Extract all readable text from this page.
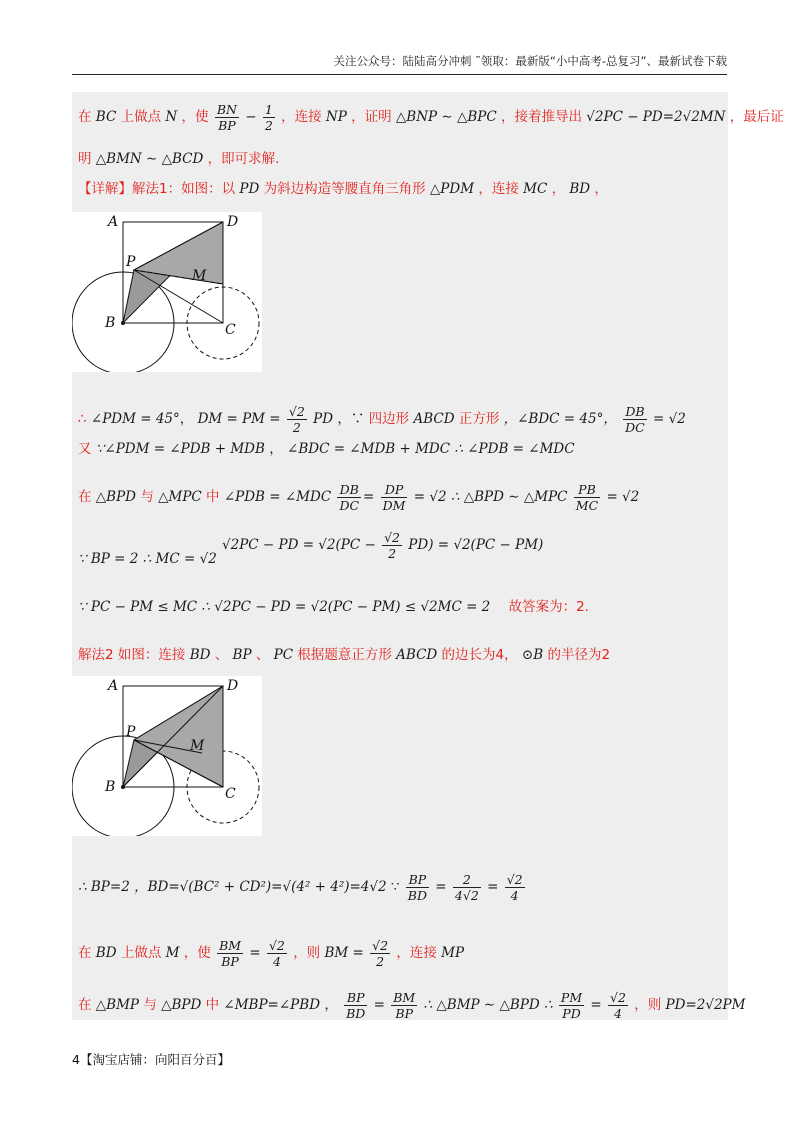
关注公众号：陆陆高分冲刺 ˜领取：最新版“小中高考-总复习”、最新试卷下载
在 BC 上做点 N ，使 $\frac{BN}{BP} - \frac{1}{2}$ ，连接 NP ，证明 △BNP ∼ △BPC ，接着推导出 √2PC − PD=2√2MN ，最后证
明 △BMN ∼ △BCD ，即可求解.
【详解】解法1：如图：以 PD 为斜边构造等腰直角三角形 △PDM ，连接 MC ， BD ，
A	D
P
M
B	C
∴ ∠PDM = 45°， DM = PM = $\frac{√2}{2}$ PD ，∵ 四边形 ABCD 正方形 ，∠BDC = 45°， $\frac{DB}{DC} = √2$
又 ∵∠PDM = ∠PDB + MDB ， ∠BDC = ∠MDB + MDC ∴ ∠PDB = ∠MDC
在 △BPD 与 △MPC 中 ∠PDB = ∠MDC $\frac{DB}{DC} = \frac{DP}{DM} = √2$ ∴ △BPD ∼ △MPC $\frac{PB}{MC} = √2$
√2PC − PD = $√2(PC - \frac{√2}{2} PD) = √2(PC - PM)$
∵ BP = 2 ∴ MC = √2
∵ PC − PM ≤ MC ∴ √2PC − PD = √2(PC − PM) ≤ √2MC = 2 故答案为：2.
解法2 如图：连接 BD 、 BP 、 PC 根据题意正方形 ABCD 的边长为4， ⊙B 的半径为2
A	D
P
M
B	C
∴ BP=2 ，BD=√(BC² + CD²)=√(4² + 4²)=4√2 ∵ $\frac{BP}{BD} = \frac{2}{4√2} = \frac{√2}{4}$
在 BD 上做点 M ，使 $\frac{BM}{BP} = \frac{√2}{4}$ ，则 BM = $\frac{√2}{2}$ ，连接 MP
在 △BMP 与 △BPD 中 ∠MBP=∠PBD ， $\frac{BP}{BD} = \frac{BM}{BP}$ ∴ △BMP ∼ △BPD ∴ $\frac{PM}{PD} = \frac{√2}{4}$ ，则 PD=2√2PM
4【淘宝店铺：向阳百分百】
